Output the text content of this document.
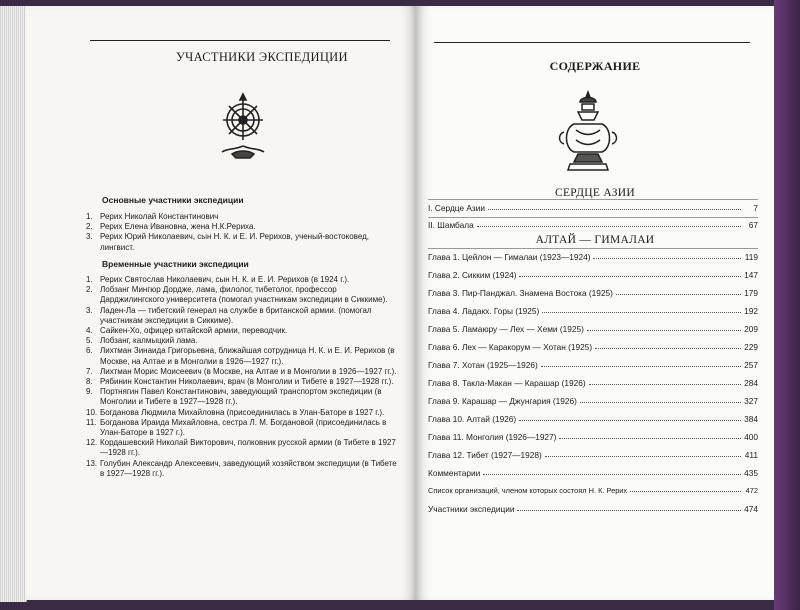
УЧАСТНИКИ ЭКСПЕДИЦИИ
Основные участники экспедиции
1. Рерих Николай Константинович
2. Рерих Елена Ивановна, жена Н.К.Рериха.
3. Рерих Юрий Николаевич, сын Н. К. и Е. И. Рерихов, ученый-востоковед, лингвист.
Временные участники экспедиции
1. Рерих Святослав Николаевич, сын Н. К. и Е. И. Рерихов (в 1924 г.).
2. Лобзанг Мингюр Дордже, лама, филолог, тибетолог, профессор Дарджилингского университета (помогал участникам экспедиции в Сиккиме).
3. Ладен-Ла — тибетский генерал на службе в британской армии. (помогал участникам экспедиции в Сиккиме).
4. Сайкен-Хо, офицер китайской армии, переводчик.
5. Лобзанг, калмыцкий лама.
6. Лихтман Зинаида Григорьевна, ближайшая сотрудница Н. К. и Е. И. Рерихов (в Москве, на Алтае и в Монголии в 1926—1927 гг.).
7. Лихтман Морис Моисеевич (в Москве, на Алтае и в Монголии в 1926—1927 гг.).
8. Рябинин Константин Николаевич, врач (в Монголии и Тибете в 1927—1928 гг.).
9. Портнягин Павел Константинович, заведующий транспортом экспедиции (в Монголии и Тибете в 1927—1928 гг.).
10. Богданова Людмила Михайловна (присоединилась в Улан-Баторе в 1927 г.).
11. Богданова Ираида Михайловна, сестра Л. М. Богдановой (присоединилась в Улан-Баторе в 1927 г.).
12. Кордашевский Николай Викторович, полковник русской армии (в Тибете в 1927—1928 гг.).
13. Голубин Александр Алексеевич, заведующий хозяйством экспедиции (в Тибете в 1927—1928 гг.).
СОДЕРЖАНИЕ
СЕРДЦЕ АЗИИ
I. Сердце Азии	7
II. Шамбала	67
АЛТАЙ — ГИМАЛАИ
Глава 1. Цейлон — Гималаи (1923—1924)	119
Глава 2. Сикким (1924)	147
Глава 3. Пир-Панджал. Знамена Востока (1925)	179
Глава 4. Ладакх. Горы (1925)	192
Глава 5. Ламаюру — Лех — Хеми (1925)	209
Глава 6. Лех — Каракорум — Хотан (1925)	229
Глава 7. Хотан (1925—1926)	257
Глава 8. Такла-Макан — Карашар (1926)	284
Глава 9. Карашар — Джунгария (1926)	327
Глава 10. Алтай (1926)	384
Глава 11. Монголия (1926—1927)	400
Глава 12. Тибет (1927—1928)	411
Комментарии	435
Список организаций, членом которых состоял Н. К. Рерих	472
Участники экспедиции	474
